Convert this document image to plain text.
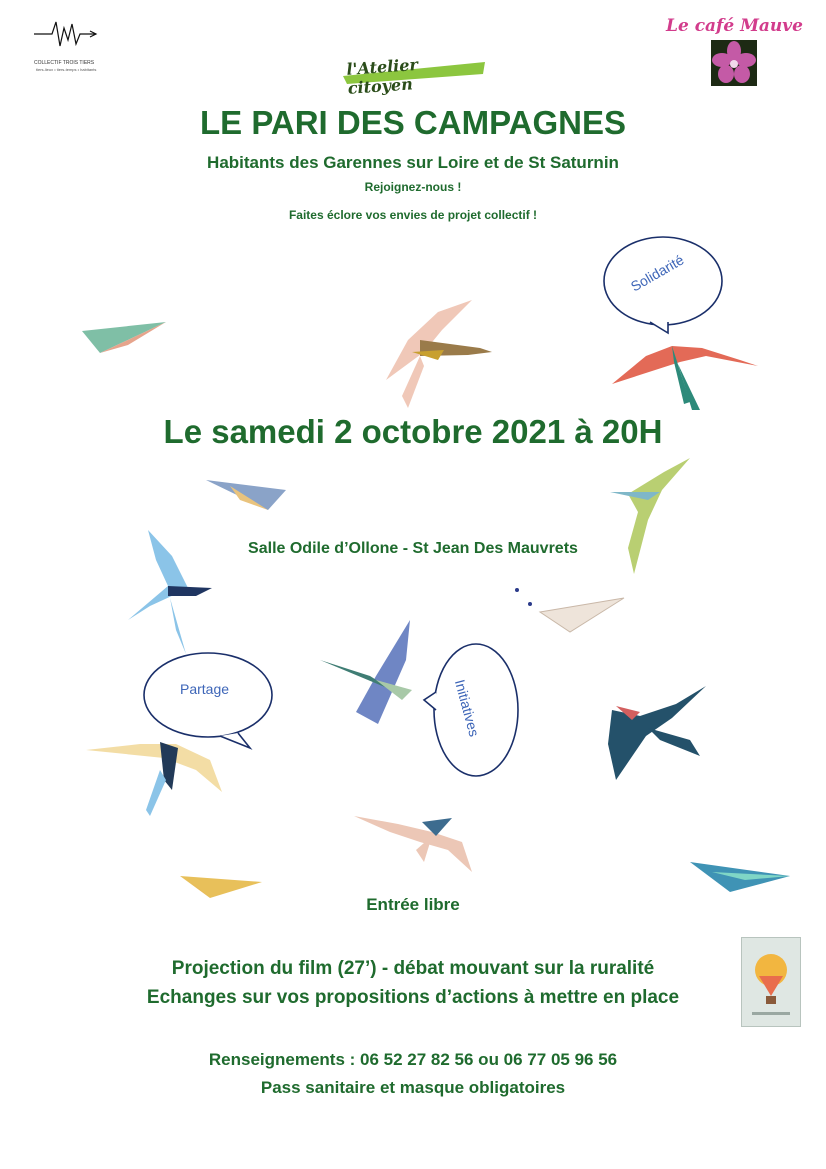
COLLECTIF TROIS TIERS
tiers-lieux • tiers-temps • habitants	l'Atelier citoyen
Le café Mauve
LE PARI DES CAMPAGNES
Habitants des Garennes sur Loire et de St Saturnin
Rejoignez-nous !
Faites éclore vos envies de projet collectif !
Solidarité
Partage	Initiatives
Le samedi 2 octobre 2021 à 20H
Salle Odile d’Ollone - St Jean Des Mauvrets
Entrée libre
Projection du film (27’) - débat mouvant sur la ruralité
Echanges sur vos propositions d’actions à mettre en place
Renseignements : 06 52 27 82 56 ou 06 77 05 96 56
Pass sanitaire et masque obligatoires
